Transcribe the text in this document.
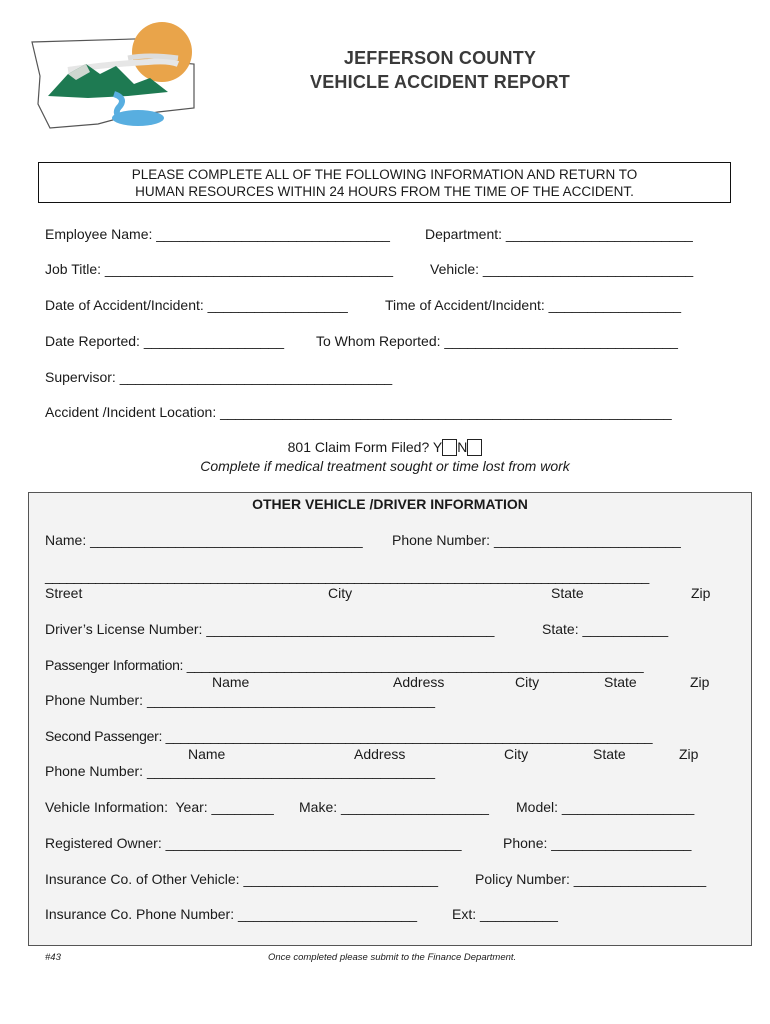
JEFFERSON COUNTY
VEHICLE ACCIDENT REPORT
PLEASE COMPLETE ALL OF THE FOLLOWING INFORMATION AND RETURN TO
HUMAN RESOURCES WITHIN 24 HOURS FROM THE TIME OF THE ACCIDENT.
Employee Name: ______________________________	Department: ________________________
Job Title: _____________________________________	Vehicle: ___________________________
Date of Accident/Incident: __________________	Time of Accident/Incident: _________________
Date Reported: __________________ To Whom Reported: ______________________________
Supervisor: ___________________________________
Accident /Incident Location: __________________________________________________________
801 Claim Form Filed? Y N
Complete if medical treatment sought or time lost from work
OTHER VEHICLE /DRIVER INFORMATION
Name: ___________________________________ Phone Number: ________________________
____________________________________________________________________________________
Street	City	State	Zip
Driver’s License Number: _____________________________________	State: ___________
Passenger Information: _____________________________________________________________
Name	Address	City	State	Zip
Phone Number: _____________________________________
Second Passenger: _________________________________________________________________
Name	Address	City	State	Zip
Phone Number: _____________________________________
Vehicle Information:  Year: ________ Make: ___________________ Model: _________________
Registered Owner: ______________________________________	Phone: __________________
Insurance Co. of Other Vehicle: _________________________	Policy Number: _________________
Insurance Co. Phone Number: _______________________ Ext: __________
#43	Once completed please submit to the Finance Department.
